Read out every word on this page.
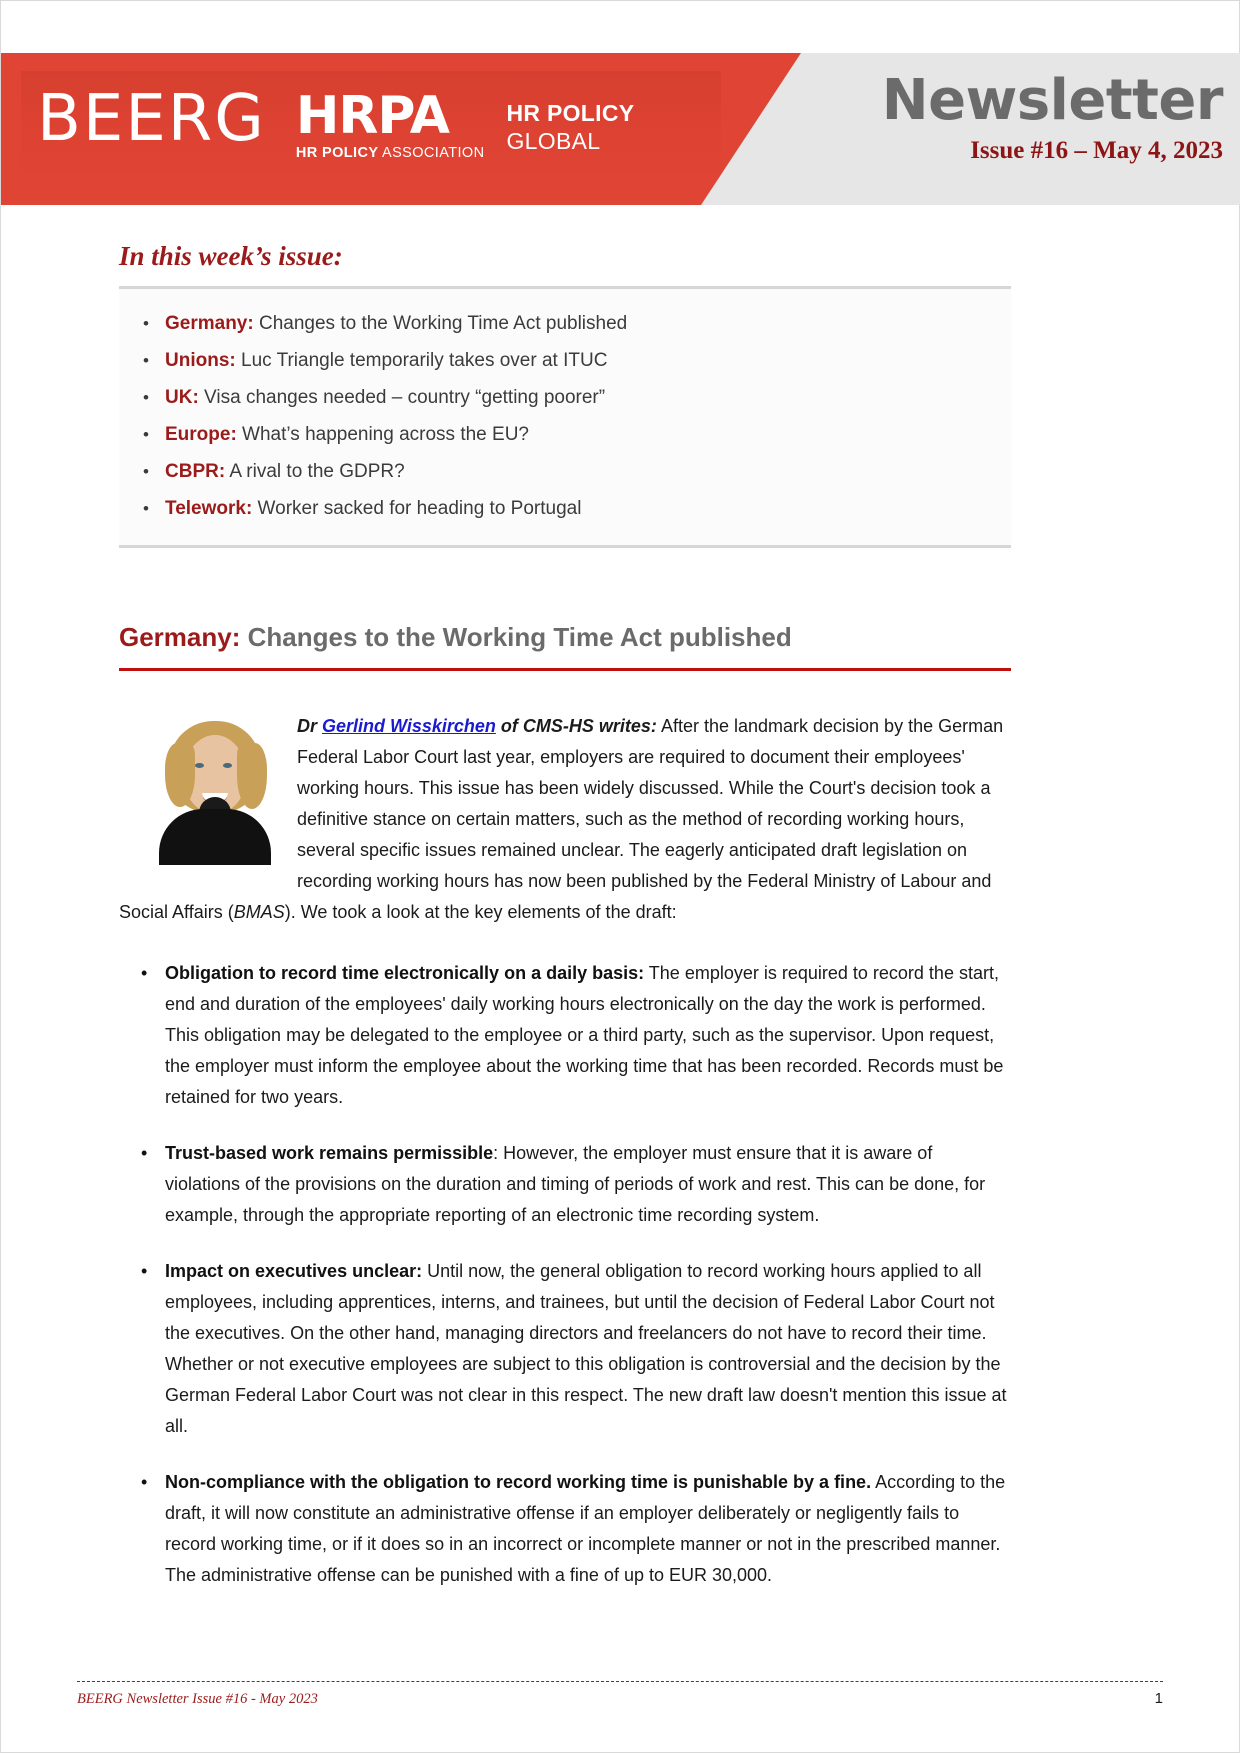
BEERG HRPA
HR POLICY ASSOCIATION
HR POLICY
GLOBAL
Newsletter
Issue #16 – May 4, 2023
In this week’s issue:
• Germany: Changes to the Working Time Act published
• Unions: Luc Triangle temporarily takes over at ITUC
• UK: Visa changes needed – country “getting poorer”
• Europe: What’s happening across the EU?
• CBPR: A rival to the GDPR?
• Telework: Worker sacked for heading to Portugal
Germany: Changes to the Working Time Act published

Dr Gerlind Wisskirchen of CMS-HS writes: After the landmark decision by the German Federal Labor Court last year, employers are required to document their employees' working hours. This issue has been widely discussed. While the Court's decision took a definitive stance on certain matters, such as the method of recording working hours, several specific issues remained unclear. The eagerly anticipated draft legislation on recording working hours has now been published by the Federal Ministry of Labour and Social Affairs (BMAS). We took a look at the key elements of the draft:

• Obligation to record time electronically on a daily basis: The employer is required to record the start, end and duration of the employees' daily working hours electronically on the day the work is performed. This obligation may be delegated to the employee or a third party, such as the supervisor. Upon request, the employer must inform the employee about the working time that has been recorded. Records must be retained for two years.
• Trust-based work remains permissible: However, the employer must ensure that it is aware of violations of the provisions on the duration and timing of periods of work and rest. This can be done, for example, through the appropriate reporting of an electronic time recording system.
• Impact on executives unclear: Until now, the general obligation to record working hours applied to all employees, including apprentices, interns, and trainees, but until the decision of Federal Labor Court not the executives. On the other hand, managing directors and freelancers do not have to record their time. Whether or not executive employees are subject to this obligation is controversial and the decision by the German Federal Labor Court was not clear in this respect. The new draft law doesn't mention this issue at all.
• Non-compliance with the obligation to record working time is punishable by a fine. According to the draft, it will now constitute an administrative offense if an employer deliberately or negligently fails to record working time, or if it does so in an incorrect or incomplete manner or not in the prescribed manner. The administrative offense can be punished with a fine of up to EUR 30,000.
BEERG Newsletter Issue #16 - May 2023	1
